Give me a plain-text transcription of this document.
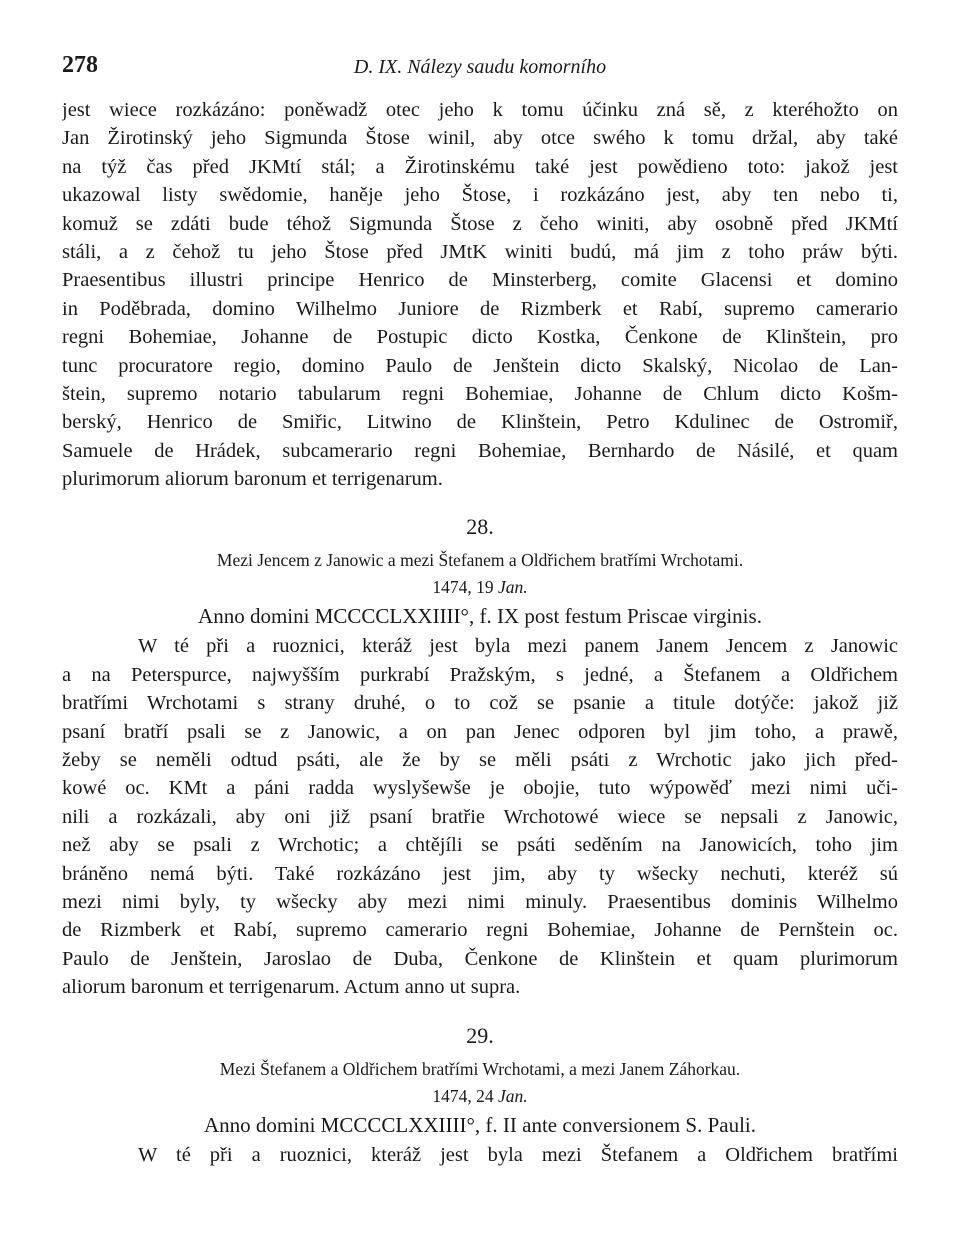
278	D. IX. Nálezy saudu komorního
jest wiece rozkázáno: poněwadž otec jeho k tomu účinku zná sě, z kteréhožto on
Jan Žirotinský jeho Sigmunda Štose winil, aby otce swého k tomu držal, aby také
na týž čas před JKMtí stál; a Žirotinskému také jest powědieno toto: jakož jest
ukazowal listy swědomie, haněje jeho Štose, i rozkázáno jest, aby ten nebo ti,
komuž se zdáti bude téhož Sigmunda Štose z čeho winiti, aby osobně před JKMtí
stáli, a z čehož tu jeho Štose před JMtK winiti budú, má jim z toho práw býti.
Praesentibus illustri principe Henrico de Minsterberg, comite Glacensi et domino
in Poděbrada, domino Wilhelmo Juniore de Rizmberk et Rabí, supremo camerario
regni Bohemiae, Johanne de Postupic dicto Kostka, Čenkone de Klinštein, pro
tunc procuratore regio, domino Paulo de Jenštein dicto Skalský, Nicolao de Lan-
štein, supremo notario tabularum regni Bohemiae, Johanne de Chlum dicto Košm-
berský, Henrico de Smiřic, Litwino de Klinštein, Petro Kdulinec de Ostromiř,
Samuele de Hrádek, subcamerario regni Bohemiae, Bernhardo de Násilé, et quam
plurimorum aliorum baronum et terrigenarum.
28.
Mezi Jencem z Janowic a mezi Štefanem a Oldřichem bratřími Wrchotami.
1474, 19 Jan.
Anno domini MCCCCLXXIIII°, f. IX post festum Priscae virginis.
W té při a ruoznici, kteráž jest byla mezi panem Janem Jencem z Janowic
a na Peterspurce, najwyšším purkrabí Pražským, s jedné, a Štefanem a Oldřichem
bratřími Wrchotami s strany druhé, o to což se psanie a titule dotýče: jakož již
psaní bratří psali se z Janowic, a on pan Jenec odporen byl jim toho, a prawě,
žeby se neměli odtud psáti, ale že by se měli psáti z Wrchotic jako jich před-
kowé oc. KMt a páni radda wyslyšewše je obojie, tuto wýpowěď mezi nimi uči-
nili a rozkázali, aby oni již psaní bratřie Wrchotowé wiece se nepsali z Janowic,
než aby se psali z Wrchotic; a chtějíli se psáti seděním na Janowicích, toho jim
bráněno nemá býti. Také rozkázáno jest jim, aby ty wšecky nechuti, kteréž sú
mezi nimi byly, ty wšecky aby mezi nimi minuly. Praesentibus dominis Wilhelmo
de Rizmberk et Rabí, supremo camerario regni Bohemiae, Johanne de Pernštein oc.
Paulo de Jenštein, Jaroslao de Duba, Čenkone de Klinštein et quam plurimorum
aliorum baronum et terrigenarum. Actum anno ut supra.
29.
Mezi Štefanem a Oldřichem bratřími Wrchotami, a mezi Janem Záhorkau.
1474, 24 Jan.
Anno domini MCCCCLXXIIII°, f. II ante conversionem S. Pauli.
W té při a ruoznici, kteráž jest byla mezi Štefanem a Oldřichem bratřími
